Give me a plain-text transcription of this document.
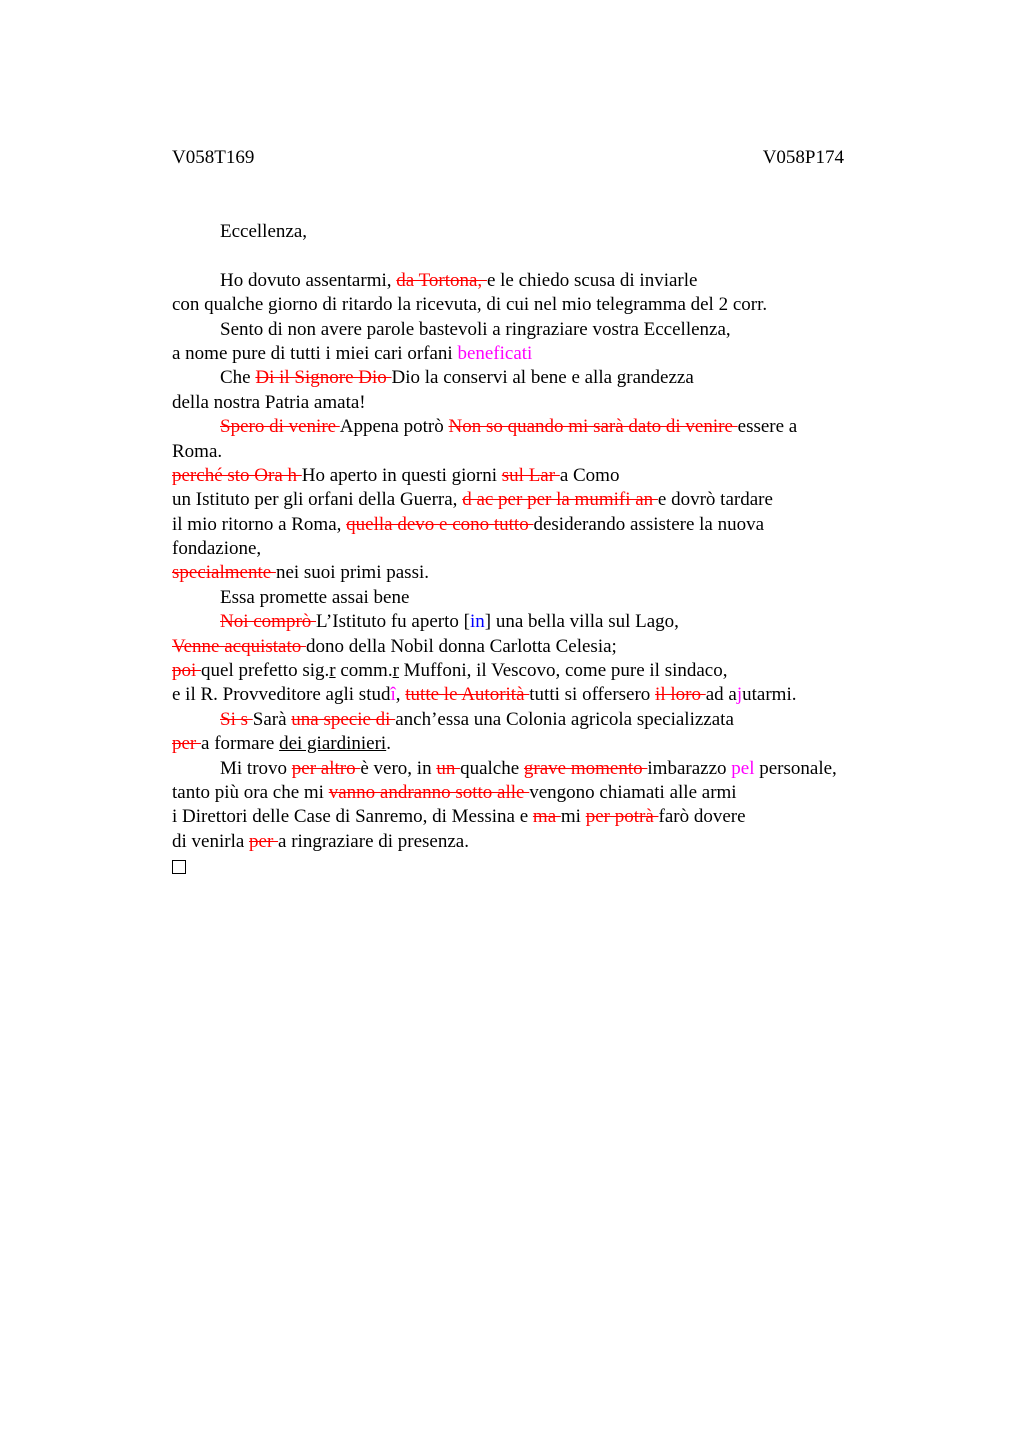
V058T169	V058P174
Eccellenza,
Ho dovuto assentarmi, da Tortona, e le chiedo scusa di inviarle
con qualche giorno di ritardo la ricevuta, di cui nel mio telegramma del 2 corr.
Sento di non avere parole bastevoli a ringraziare vostra Eccellenza,
a nome pure di tutti i miei cari orfani beneficati
Che Di il Signore Dio Dio la conservi al bene e alla grandezza
della nostra Patria amata!
Spero di venire Appena potrò Non so quando mi sarà dato di venire essere a
Roma.
perché sto Ora h Ho aperto in questi giorni sul Lar a Como
un Istituto per gli orfani della Guerra, d ac per per la mumifi an e dovrò tardare
il mio ritorno a Roma, quella devo e cono tutto desiderando assistere la nuova
fondazione,
specialmente nei suoi primi passi.
Essa promette assai bene
Noi comprò L’Istituto fu aperto [in] una bella villa sul Lago,
Venne acquistato dono della Nobil donna Carlotta Celesia;
poi quel prefetto sig.r comm.r Muffoni, il Vescovo, come pure il sindaco,
e il R. Provveditore agli studî, tutte le Autorità tutti si offersero il loro ad ajutarmi.
Si s Sarà una specie di anch’essa una Colonia agricola specializzata
per a formare dei giardinieri.
Mi trovo per altro è vero, in un qualche grave momento imbarazzo pel personale,
tanto più ora che mi vanno andranno sotto alle vengono chiamati alle armi
i Direttori delle Case di Sanremo, di Messina e ma mi per potrà farò dovere
di venirla per a ringraziare di presenza.
